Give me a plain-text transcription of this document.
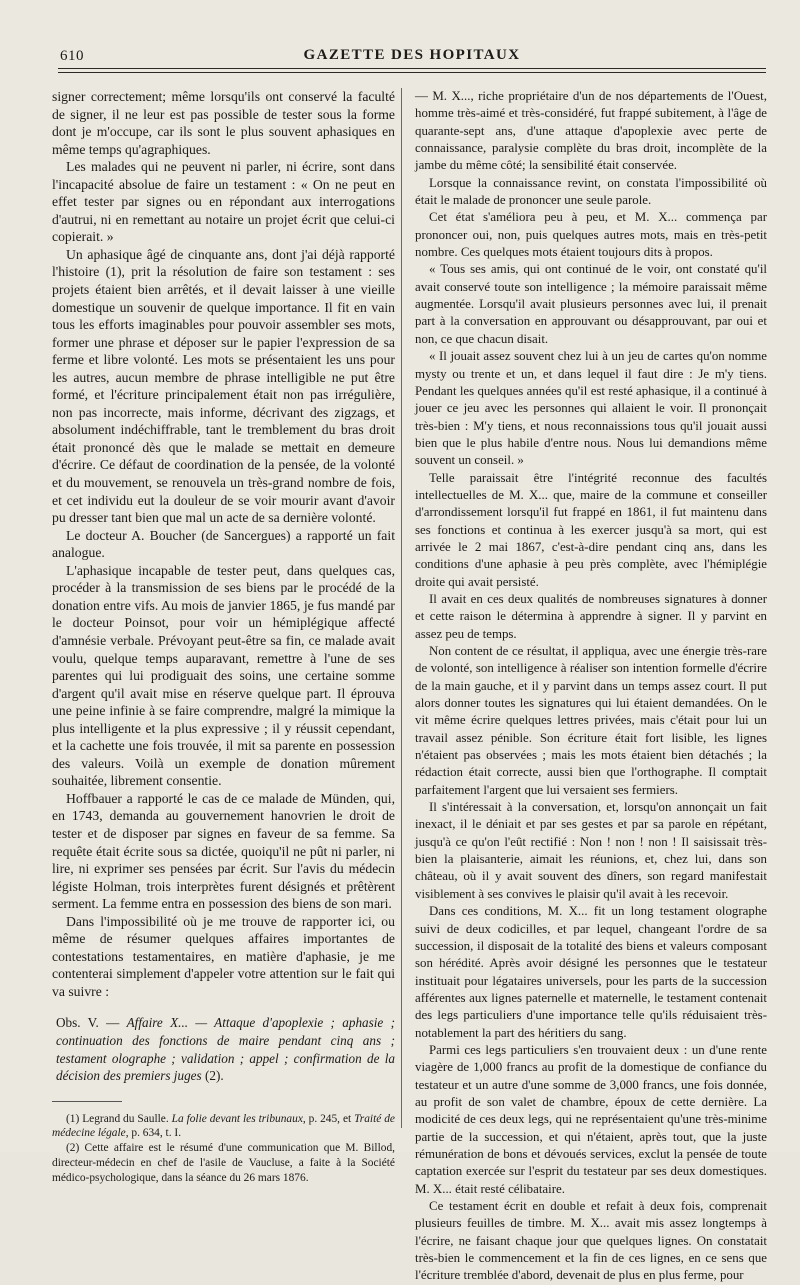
610	GAZETTE DES HOPITAUX

signer correctement; même lorsqu'ils ont conservé la faculté de signer, il ne leur est pas possible de tester sous la forme dont je m'occupe, car ils sont le plus souvent aphasiques en même temps qu'agraphiques.

Les malades qui ne peuvent ni parler, ni écrire, sont dans l'incapacité absolue de faire un testament : « On ne peut en effet tester par signes ou en répondant aux interrogations d'autrui, ni en remettant au notaire un projet écrit que celui-ci copierait. »

Un aphasique âgé de cinquante ans, dont j'ai déjà rapporté l'histoire (1), prit la résolution de faire son testament : ses projets étaient bien arrêtés, et il devait laisser à une vieille domestique un souvenir de quelque importance. Il fit en vain tous les efforts imaginables pour pouvoir assembler ses mots, former une phrase et déposer sur le papier l'expression de sa ferme et libre volonté. Les mots se présentaient les uns pour les autres, aucun membre de phrase intelligible ne put être formé, et l'écriture principalement était non pas irrégulière, non pas incorrecte, mais informe, décrivant des zigzags, et absolument indéchiffrable, tant le tremblement du bras droit était prononcé dès que le malade se mettait en demeure d'écrire. Ce défaut de coordination de la pensée, de la volonté et du mouvement, se renouvela un très-grand nombre de fois, et cet individu eut la douleur de se voir mourir avant d'avoir pu dresser tant bien que mal un acte de sa dernière volonté.

Le docteur A. Boucher (de Sancergues) a rapporté un fait analogue.

L'aphasique incapable de tester peut, dans quelques cas, procéder à la transmission de ses biens par le procédé de la donation entre vifs. Au mois de janvier 1865, je fus mandé par le docteur Poinsot, pour voir un hémiplégique affecté d'amnésie verbale. Prévoyant peut-être sa fin, ce malade avait voulu, quelque temps auparavant, remettre à l'une de ses parentes qui lui prodiguait des soins, une certaine somme d'argent qu'il avait mise en réserve quelque part. Il éprouva une peine infinie à se faire comprendre, malgré la mimique la plus intelligente et la plus expressive ; il y réussit cependant, et la cachette une fois trouvée, il mit sa parente en possession des valeurs. Voilà un exemple de donation mûrement souhaitée, librement consentie.

Hoffbauer a rapporté le cas de ce malade de Münden, qui, en 1743, demanda au gouvernement hanovrien le droit de tester et de disposer par signes en faveur de sa femme. Sa requête était écrite sous sa dictée, quoiqu'il ne pût ni parler, ni lire, ni exprimer ses pensées par écrit. Sur l'avis du médecin légiste Holman, trois interprètes furent désignés et prêtèrent serment. La femme entra en possession des biens de son mari.

Dans l'impossibilité où je me trouve de rapporter ici, ou même de résumer quelques affaires importantes de contestations testamentaires, en matière d'aphasie, je me contenterai simplement d'appeler votre attention sur le fait qui va suivre :

Obs. V. — Affaire X... — Attaque d'apoplexie ; aphasie ; continuation des fonctions de maire pendant cinq ans ; testament olographe ; validation ; appel ; confirmation de la décision des premiers juges (2).

(1) Legrand du Saulle. La folie devant les tribunaux, p. 245, et Traité de médecine légale, p. 634, t. I.

(2) Cette affaire est le résumé d'une communication que M. Billod, directeur-médecin en chef de l'asile de Vaucluse, a faite à la Société médico-psychologique, dans la séance du 26 mars 1876.

— M. X..., riche propriétaire d'un de nos départements de l'Ouest, homme très-aimé et très-considéré, fut frappé subitement, à l'âge de quarante-sept ans, d'une attaque d'apoplexie avec perte de connaissance, paralysie complète du bras droit, incomplète de la jambe du même côté; la sensibilité était conservée.

Lorsque la connaissance revint, on constata l'impossibilité où était le malade de prononcer une seule parole.

Cet état s'améliora peu à peu, et M. X... commença par prononcer oui, non, puis quelques autres mots, mais en très-petit nombre. Ces quelques mots étaient toujours dits à propos.

« Tous ses amis, qui ont continué de le voir, ont constaté qu'il avait conservé toute son intelligence ; la mémoire paraissait même augmentée. Lorsqu'il avait plusieurs personnes avec lui, il prenait part à la conversation en approuvant ou désapprouvant, par oui et non, ce que chacun disait.

« Il jouait assez souvent chez lui à un jeu de cartes qu'on nomme mysty ou trente et un, et dans lequel il faut dire : Je m'y tiens. Pendant les quelques années qu'il est resté aphasique, il a continué à jouer ce jeu avec les personnes qui allaient le voir. Il prononçait très-bien : M'y tiens, et nous reconnaissions tous qu'il jouait aussi bien que le plus habile d'entre nous. Nous lui demandions même souvent un conseil. »

Telle paraissait être l'intégrité reconnue des facultés intellectuelles de M. X... que, maire de la commune et conseiller d'arrondissement lorsqu'il fut frappé en 1861, il fut maintenu dans ses fonctions et continua à les exercer jusqu'à sa mort, qui est arrivée le 2 mai 1867, c'est-à-dire pendant cinq ans, dans les conditions d'une aphasie à peu près complète, avec l'hémiplégie droite qui avait persisté.

Il avait en ces deux qualités de nombreuses signatures à donner et cette raison le détermina à apprendre à signer. Il y parvint en assez peu de temps.

Non content de ce résultat, il appliqua, avec une énergie très-rare de volonté, son intelligence à réaliser son intention formelle d'écrire de la main gauche, et il y parvint dans un temps assez court. Il put alors donner toutes les signatures qui lui étaient demandées. On le vit même écrire quelques lettres privées, mais c'était pour lui un travail assez pénible. Son écriture était fort lisible, les lignes n'étaient pas observées ; mais les mots étaient bien détachés ; la rédaction était correcte, aussi bien que l'orthographe. Il comptait parfaitement l'argent que lui versaient ses fermiers.

Il s'intéressait à la conversation, et, lorsqu'on annonçait un fait inexact, il le déniait et par ses gestes et par sa parole en répétant, jusqu'à ce qu'on l'eût rectifié : Non ! non ! non ! Il saisissait très-bien la plaisanterie, aimait les réunions, et, chez lui, dans son château, où il y avait souvent des dîners, son regard manifestait visiblement à ses convives le plaisir qu'il avait à les recevoir.

Dans ces conditions, M. X... fit un long testament olographe suivi de deux codicilles, et par lequel, changeant l'ordre de sa succession, il disposait de la totalité des biens et valeurs composant son hérédité. Après avoir désigné les personnes que le testateur instituait pour légataires universels, pour les parts de la succession afférentes aux lignes paternelle et maternelle, le testament contenait des legs particuliers d'une importance telle qu'ils réduisaient très-notablement la part des héritiers du sang.

Parmi ces legs particuliers s'en trouvaient deux : un d'une rente viagère de 1,000 francs au profit de la domestique de confiance du testateur et un autre d'une somme de 3,000 francs, une fois donnée, au profit de son valet de chambre, époux de cette dernière. La modicité de ces deux legs, qui ne représentaient qu'une très-minime partie de la succession, et qui n'étaient, après tout, que la juste rémunération de bons et dévoués services, exclut la pensée de toute captation exercée sur l'esprit du testateur par ses deux domestiques. M. X... était resté célibataire.

Ce testament écrit en double et refait à deux fois, comprenait plusieurs feuilles de timbre. M. X... avait mis assez longtemps à l'écrire, ne faisant chaque jour que quelques lignes. On constatait très-bien le commencement et la fin de ces lignes, en ce sens que l'écriture tremblée d'abord, devenait de plus en plus ferme, pour
